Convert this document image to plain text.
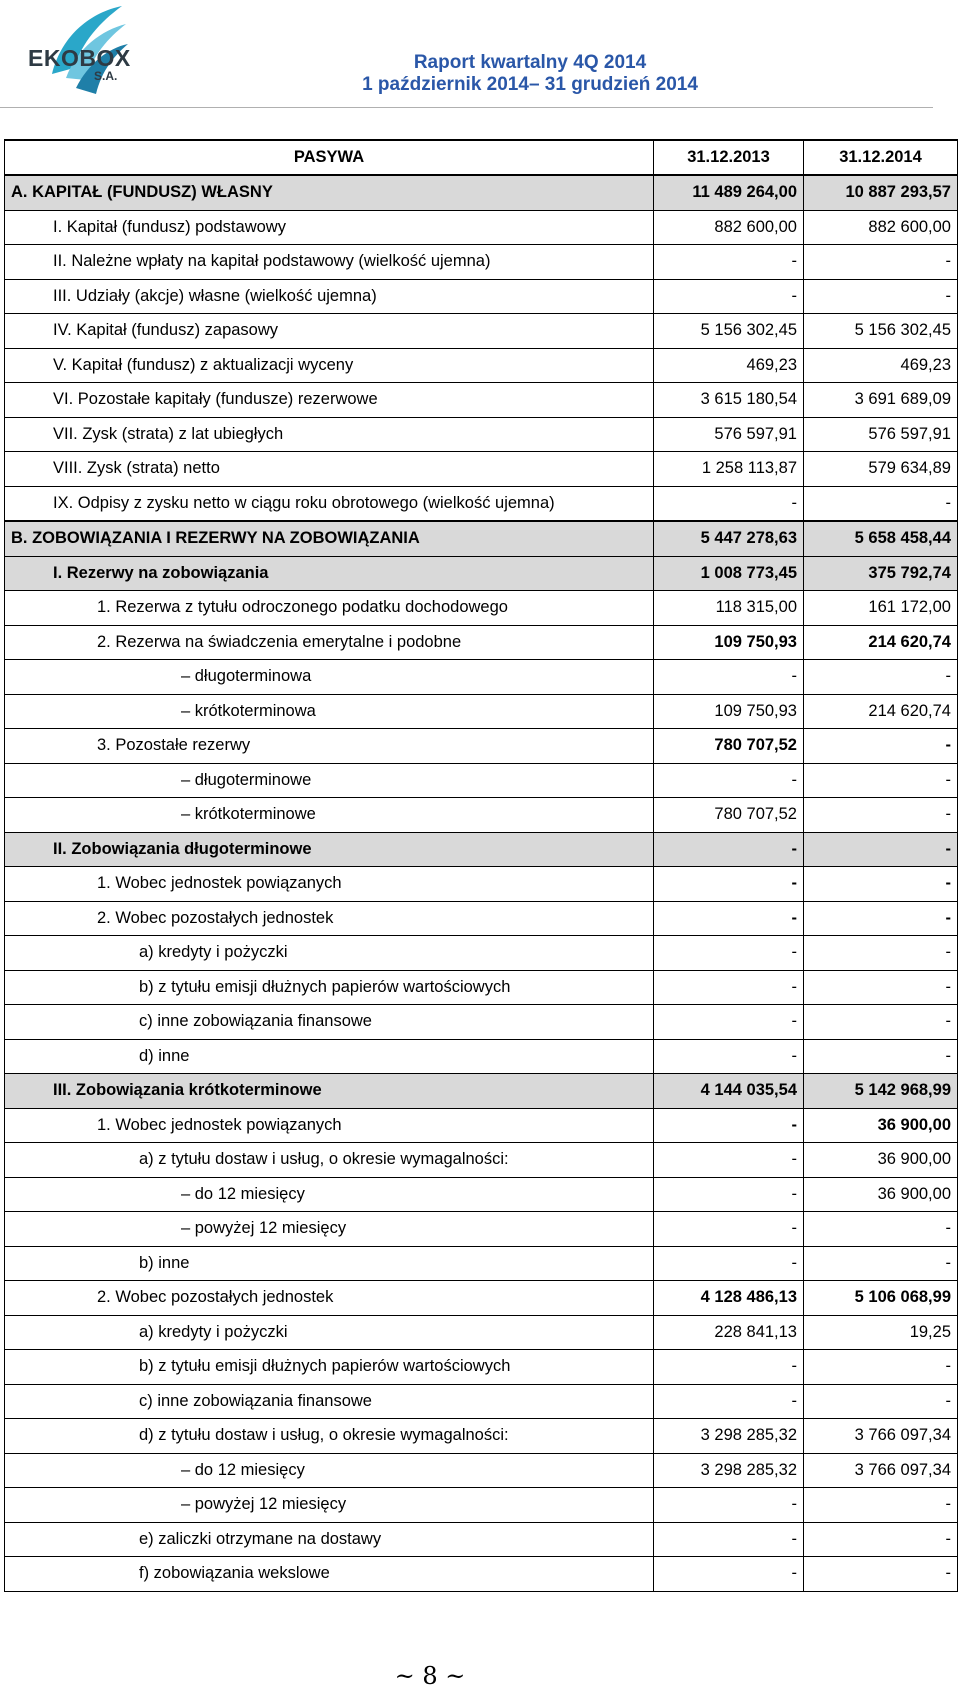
EKOBOX
S.A.
Raport kwartalny 4Q 2014
1 październik 2014– 31 grudzień 2014
PASYWA	31.12.2013	31.12.2014
A. KAPITAŁ (FUNDUSZ) WŁASNY	11 489 264,00	10 887 293,57
I. Kapitał (fundusz) podstawowy	882 600,00	882 600,00
II. Należne wpłaty na kapitał podstawowy (wielkość ujemna)	-	-
III. Udziały (akcje) własne (wielkość ujemna)	-	-
IV. Kapitał (fundusz) zapasowy	5 156 302,45	5 156 302,45
V. Kapitał (fundusz) z aktualizacji wyceny	469,23	469,23
VI. Pozostałe kapitały (fundusze) rezerwowe	3 615 180,54	3 691 689,09
VII. Zysk (strata) z lat ubiegłych	576 597,91	576 597,91
VIII. Zysk (strata) netto	1 258 113,87	579 634,89
IX. Odpisy z zysku netto w ciągu roku obrotowego (wielkość ujemna)	-	-
B. ZOBOWIĄZANIA I REZERWY NA ZOBOWIĄZANIA	5 447 278,63	5 658 458,44
I. Rezerwy na zobowiązania	1 008 773,45	375 792,74
1. Rezerwa z tytułu odroczonego podatku dochodowego	118 315,00	161 172,00
2. Rezerwa na świadczenia emerytalne i podobne	109 750,93	214 620,74
– długoterminowa	-	-
– krótkoterminowa	109 750,93	214 620,74
3. Pozostałe rezerwy	780 707,52	-
– długoterminowe	-	-
– krótkoterminowe	780 707,52	-
II. Zobowiązania długoterminowe	-	-
1. Wobec jednostek powiązanych	-	-
2. Wobec pozostałych jednostek	-	-
a) kredyty i pożyczki	-	-
b) z tytułu emisji dłużnych papierów wartościowych	-	-
c) inne zobowiązania finansowe	-	-
d) inne	-	-
III. Zobowiązania krótkoterminowe	4 144 035,54	5 142 968,99
1. Wobec jednostek powiązanych	-	36 900,00
a) z tytułu dostaw i usług, o okresie wymagalności:	-	36 900,00
– do 12 miesięcy	-	36 900,00
– powyżej 12 miesięcy	-	-
b) inne	-	-
2. Wobec pozostałych jednostek	4 128 486,13	5 106 068,99
a) kredyty i pożyczki	228 841,13	19,25
b) z tytułu emisji dłużnych papierów wartościowych	-	-
c) inne zobowiązania finansowe	-	-
d) z tytułu dostaw i usług, o okresie wymagalności:	3 298 285,32	3 766 097,34
– do 12 miesięcy	3 298 285,32	3 766 097,34
– powyżej 12 miesięcy	-	-
e) zaliczki otrzymane na dostawy	-	-
f) zobowiązania wekslowe	-	-
~ 8 ~
